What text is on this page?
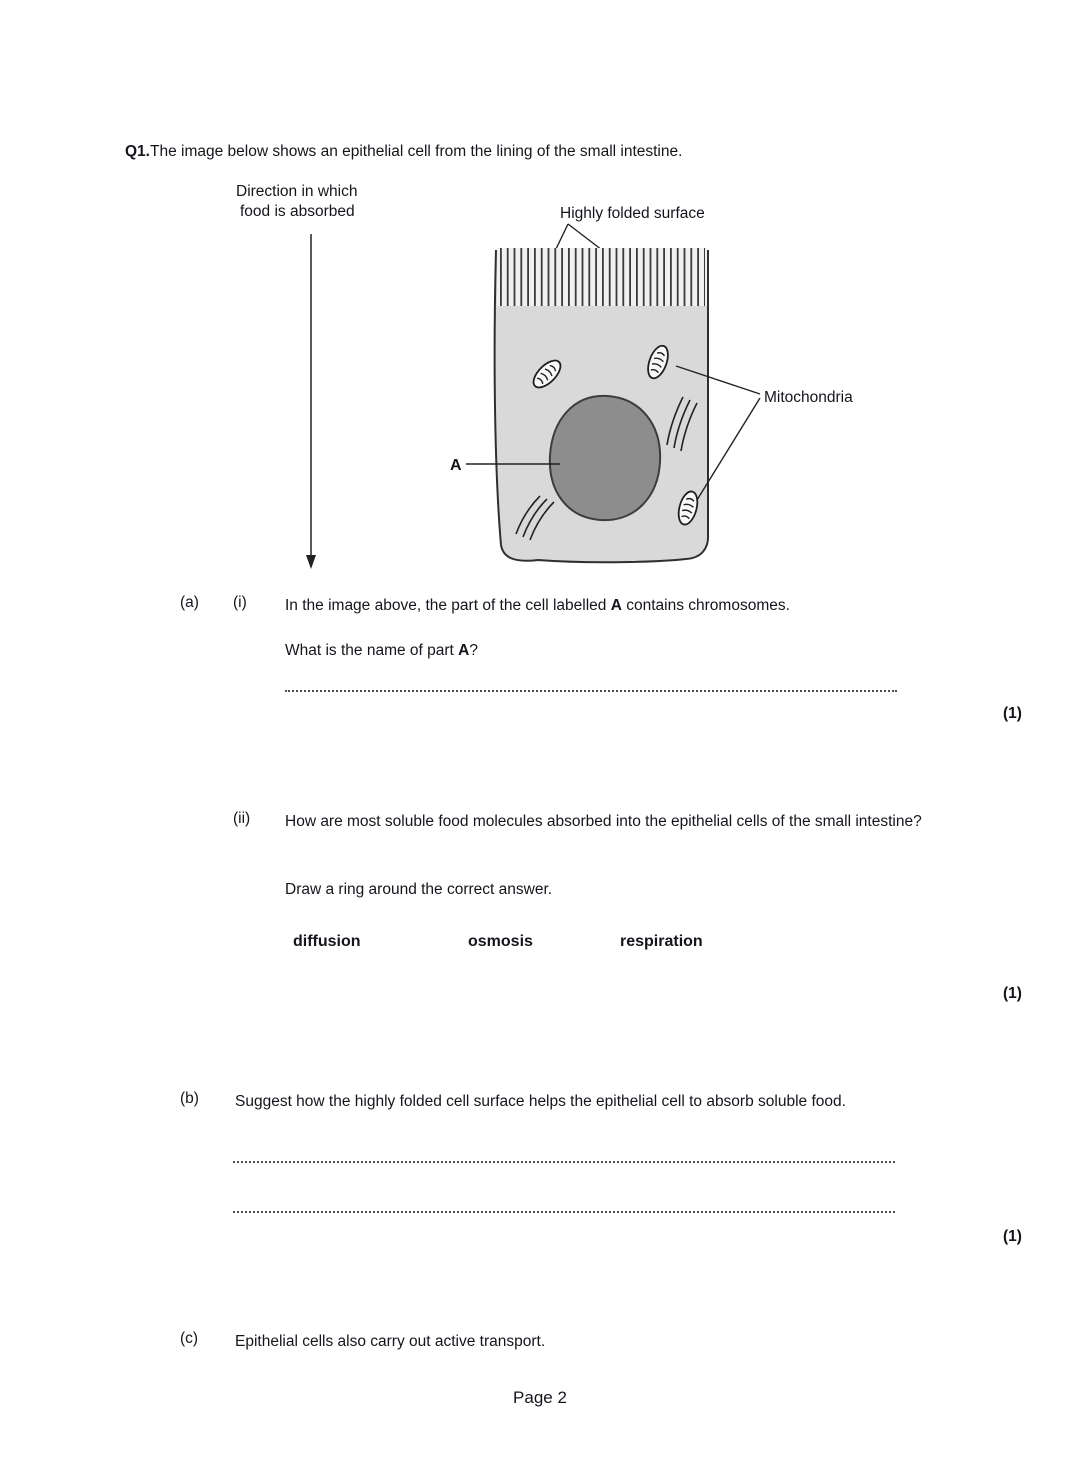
Q1.The image below shows an epithelial cell from the lining of the small intestine.
Direction in which
food is absorbed	Highly folded surface
Mitochondria
A
(a) (i) In the image above, the part of the cell labelled A contains chromosomes.
What is the name of part A?
(1)
(ii) How are most soluble food molecules absorbed into the epithelial cells of the small intestine?
Draw a ring around the correct answer.
diffusion	osmosis	respiration
(1)
(b) Suggest how the highly folded cell surface helps the epithelial cell to absorb soluble food.
(1)
(c) Epithelial cells also carry out active transport.
Page 2
